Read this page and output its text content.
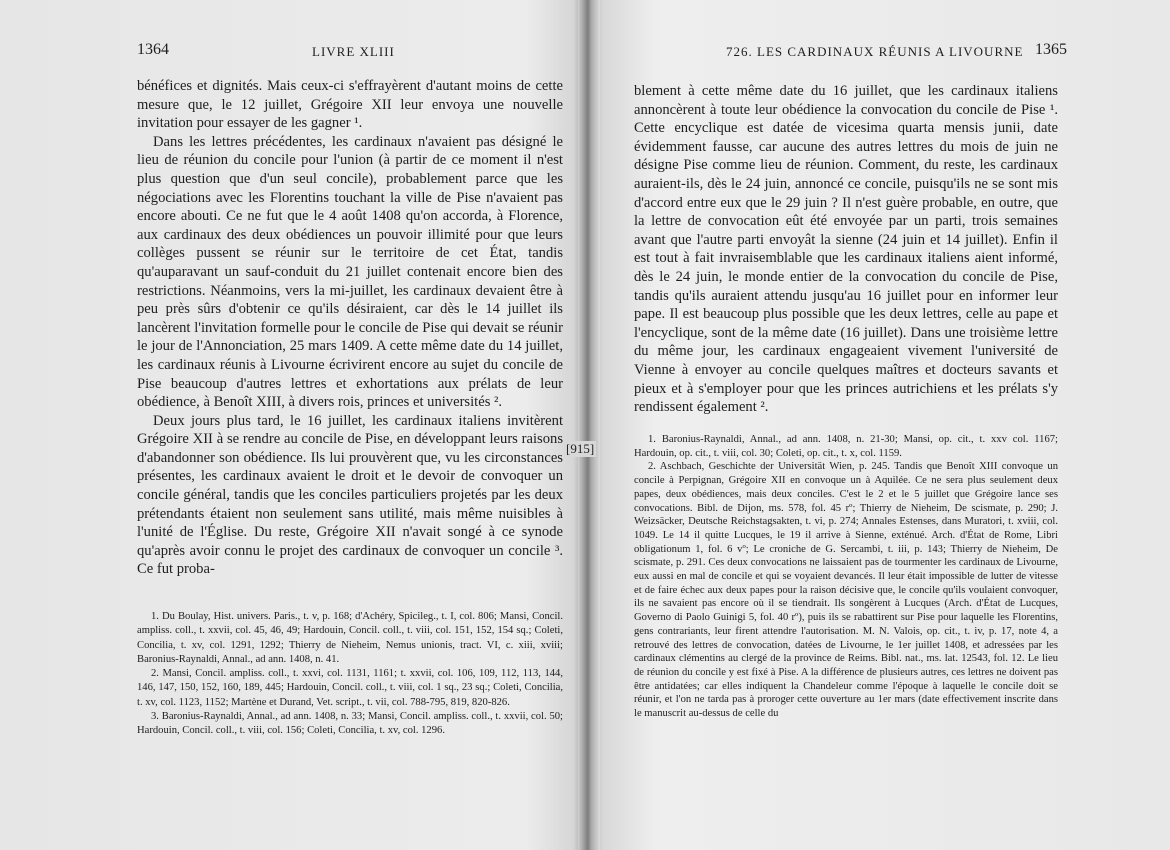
1364	LIVRE XLIII

bénéfices et dignités. Mais ceux-ci s'effrayèrent d'autant moins de cette mesure que, le 12 juillet, Grégoire XII leur envoya une nouvelle invitation pour essayer de les gagner ¹.

Dans les lettres précédentes, les cardinaux n'avaient pas désigné le lieu de réunion du concile pour l'union (à partir de ce moment il n'est plus question que d'un seul concile), probablement parce que les négociations avec les Florentins touchant la ville de Pise n'avaient pas encore abouti. Ce ne fut que le 4 août 1408 qu'on accorda, à Florence, aux cardinaux des deux obédiences un pouvoir illimité pour que leurs collèges pussent se réunir sur le territoire de cet État, tandis qu'auparavant un sauf-conduit du 21 juillet contenait encore bien des restrictions. Néanmoins, vers la mi-juillet, les cardinaux devaient être à peu près sûrs d'obtenir ce qu'ils désiraient, car dès le 14 juillet ils lancèrent l'invitation formelle pour le concile de Pise qui devait se réunir le jour de l'Annonciation, 25 mars 1409. A cette même date du 14 juillet, les cardinaux réunis à Livourne écrivirent encore au sujet du concile de Pise beaucoup d'autres lettres et exhortations aux prélats de leur obédience, à Benoît XIII, à divers rois, princes et universités ².

Deux jours plus tard, le 16 juillet, les cardinaux italiens invitèrent Grégoire XII à se rendre au concile de Pise, en développant leurs raisons d'abandonner son obédience. Ils lui prouvèrent que, vu les circonstances présentes, les cardinaux avaient le droit et le devoir de convoquer un concile général, tandis que les conciles particuliers projetés par les deux prétendants étaient non seulement sans utilité, mais même nuisibles à l'unité de l'Église. Du reste, Grégoire XII n'avait songé à ce synode qu'après avoir connu le projet des cardinaux de convoquer un concile ³. Ce fut proba-

[915]

1. Du Boulay, Hist. univers. Paris., t. v, p. 168; d'Achéry, Spicileg., t. I, col. 806; Mansi, Concil. ampliss. coll., t. xxvii, col. 45, 46, 49; Hardouin, Concil. coll., t. viii, col. 151, 152, 154 sq.; Coleti, Concilia, t. xv, col. 1291, 1292; Thierry de Nieheim, Nemus unionis, tract. VI, c. xiii, xviii; Baronius-Raynaldi, Annal., ad ann. 1408, n. 41.

2. Mansi, Concil. ampliss. coll., t. xxvi, col. 1131, 1161; t. xxvii, col. 106, 109, 112, 113, 144, 146, 147, 150, 152, 160, 189, 445; Hardouin, Concil. coll., t. viii, col. 1 sq., 23 sq.; Coleti, Concilia, t. xv, col. 1123, 1152; Martène et Durand, Vet. script., t. vii, col. 788-795, 819, 820-826.

3. Baronius-Raynaldi, Annal., ad ann. 1408, n. 33; Mansi, Concil. ampliss. coll., t. xxvii, col. 50; Hardouin, Concil. coll., t. viii, col. 156; Coleti, Concilia, t. xv, col. 1296.

726. LES CARDINAUX RÉUNIS A LIVOURNE 1365

blement à cette même date du 16 juillet, que les cardinaux italiens annoncèrent à toute leur obédience la convocation du concile de Pise ¹. Cette encyclique est datée de vicesima quarta mensis junii, date évidemment fausse, car aucune des autres lettres du mois de juin ne désigne Pise comme lieu de réunion. Comment, du reste, les cardinaux auraient-ils, dès le 24 juin, annoncé ce concile, puisqu'ils ne se sont mis d'accord entre eux que le 29 juin ? Il n'est guère probable, en outre, que la lettre de convocation eût été envoyée par un parti, trois semaines avant que l'autre parti envoyât la sienne (24 juin et 14 juillet). Enfin il est tout à fait invraisemblable que les cardinaux italiens aient informé, dès le 24 juin, le monde entier de la convocation du concile de Pise, tandis qu'ils auraient attendu jusqu'au 16 juillet pour en informer leur pape. Il est beaucoup plus possible que les deux lettres, celle au pape et l'encyclique, sont de la même date (16 juillet). Dans une troisième lettre du même jour, les cardinaux engageaient vivement l'université de Vienne à envoyer au concile quelques maîtres et docteurs savants et pieux et à s'employer pour que les princes autrichiens et les prélats s'y rendissent également ².

1. Baronius-Raynaldi, Annal., ad ann. 1408, n. 21-30; Mansi, op. cit., t. xxv col. 1167; Hardouin, op. cit., t. viii, col. 30; Coleti, op. cit., t. x, col. 1159.

2. Aschbach, Geschichte der Universität Wien, p. 245. Tandis que Benoît XIII convoque un concile à Perpignan, Grégoire XII en convoque un à Aquilée. Ce ne sera plus seulement deux papes, deux obédiences, mais deux conciles. C'est le 2 et le 5 juillet que Grégoire lance ses convocations. Bibl. de Dijon, ms. 578, fol. 45 rº; Thierry de Nieheim, De scismate, p. 290; J. Weizsäcker, Deutsche Reichstagsakten, t. vi, p. 274; Annales Estenses, dans Muratori, t. xviii, col. 1049. Le 14 il quitte Lucques, le 19 il arrive à Sienne, exténué. Arch. d'État de Rome, Libri obligationum 1, fol. 6 vº; Le croniche de G. Sercambi, t. iii, p. 143; Thierry de Nieheim, De scismate, p. 291. Ces deux convocations ne laissaient pas de tourmenter les cardinaux de Livourne, eux aussi en mal de concile et qui se voyaient devancés. Il leur était impossible de lutter de vitesse et de faire échec aux deux papes pour la raison décisive que, le concile qu'ils voulaient convoquer, ils ne savaient pas encore où il se tiendrait. Ils songèrent à Lucques (Arch. d'État de Lucques, Governo di Paolo Guinigi 5, fol. 40 rº), puis ils se rabattirent sur Pise pour laquelle les Florentins, gens contrariants, leur firent attendre l'autorisation. M. N. Valois, op. cit., t. iv, p. 17, note 4, a retrouvé des lettres de convocation, datées de Livourne, le 1er juillet 1408, et adressées par les cardinaux clémentins au clergé de la province de Reims. Bibl. nat., ms. lat. 12543, fol. 12. Le lieu de réunion du concile y est fixé à Pise. A la différence de plusieurs autres, ces lettres ne doivent pas être antidatées; car elles indiquent la Chandeleur comme l'époque à laquelle le concile doit se réunir, et l'on ne tarda pas à proroger cette ouverture au 1er mars (date effectivement inscrite dans le manuscrit au-dessus de celle du
